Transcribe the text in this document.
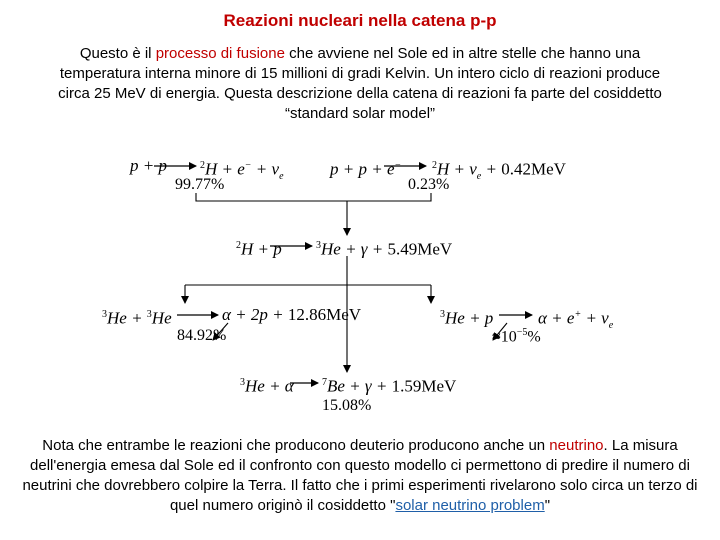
Reazioni nucleari nella catena p-p
Questo è il processo di fusione che avviene nel Sole ed in altre stelle che hanno una temperatura interna minore di 15 millioni di gradi Kelvin. Un intero ciclo di reazioni produce circa 25 MeV di energia. Questa descrizione della catena di reazioni fa parte del cosiddetto “standard solar model”
p + p	$^2H + e^- + \nu_e$
99.77%
p + p + e−	$^2H + \nu_e + 0.42MeV$
0.23%
$^2$H + p	$^3$He + γ + 5.49MeV
$^3$He + $^3$He	α + 2p + 12.86MeV
84.92%
$^3$He + p	$\alpha + e^+ + \nu_e$
$\approx 10^{-5}\%$
$^3$He + α	$^7$Be + γ + 1.59MeV
15.08%
Nota che entrambe le reazioni che producono deuterio producono anche un neutrino. La misura dell'energia emesa dal Sole ed il confronto con questo modello ci permettono di predire il numero di neutrini che dovrebbero colpire la Terra. Il fatto che i primi esperimenti rivelarono solo circa un terzo di quel numero originò il cosiddetto "solar neutrino problem"
